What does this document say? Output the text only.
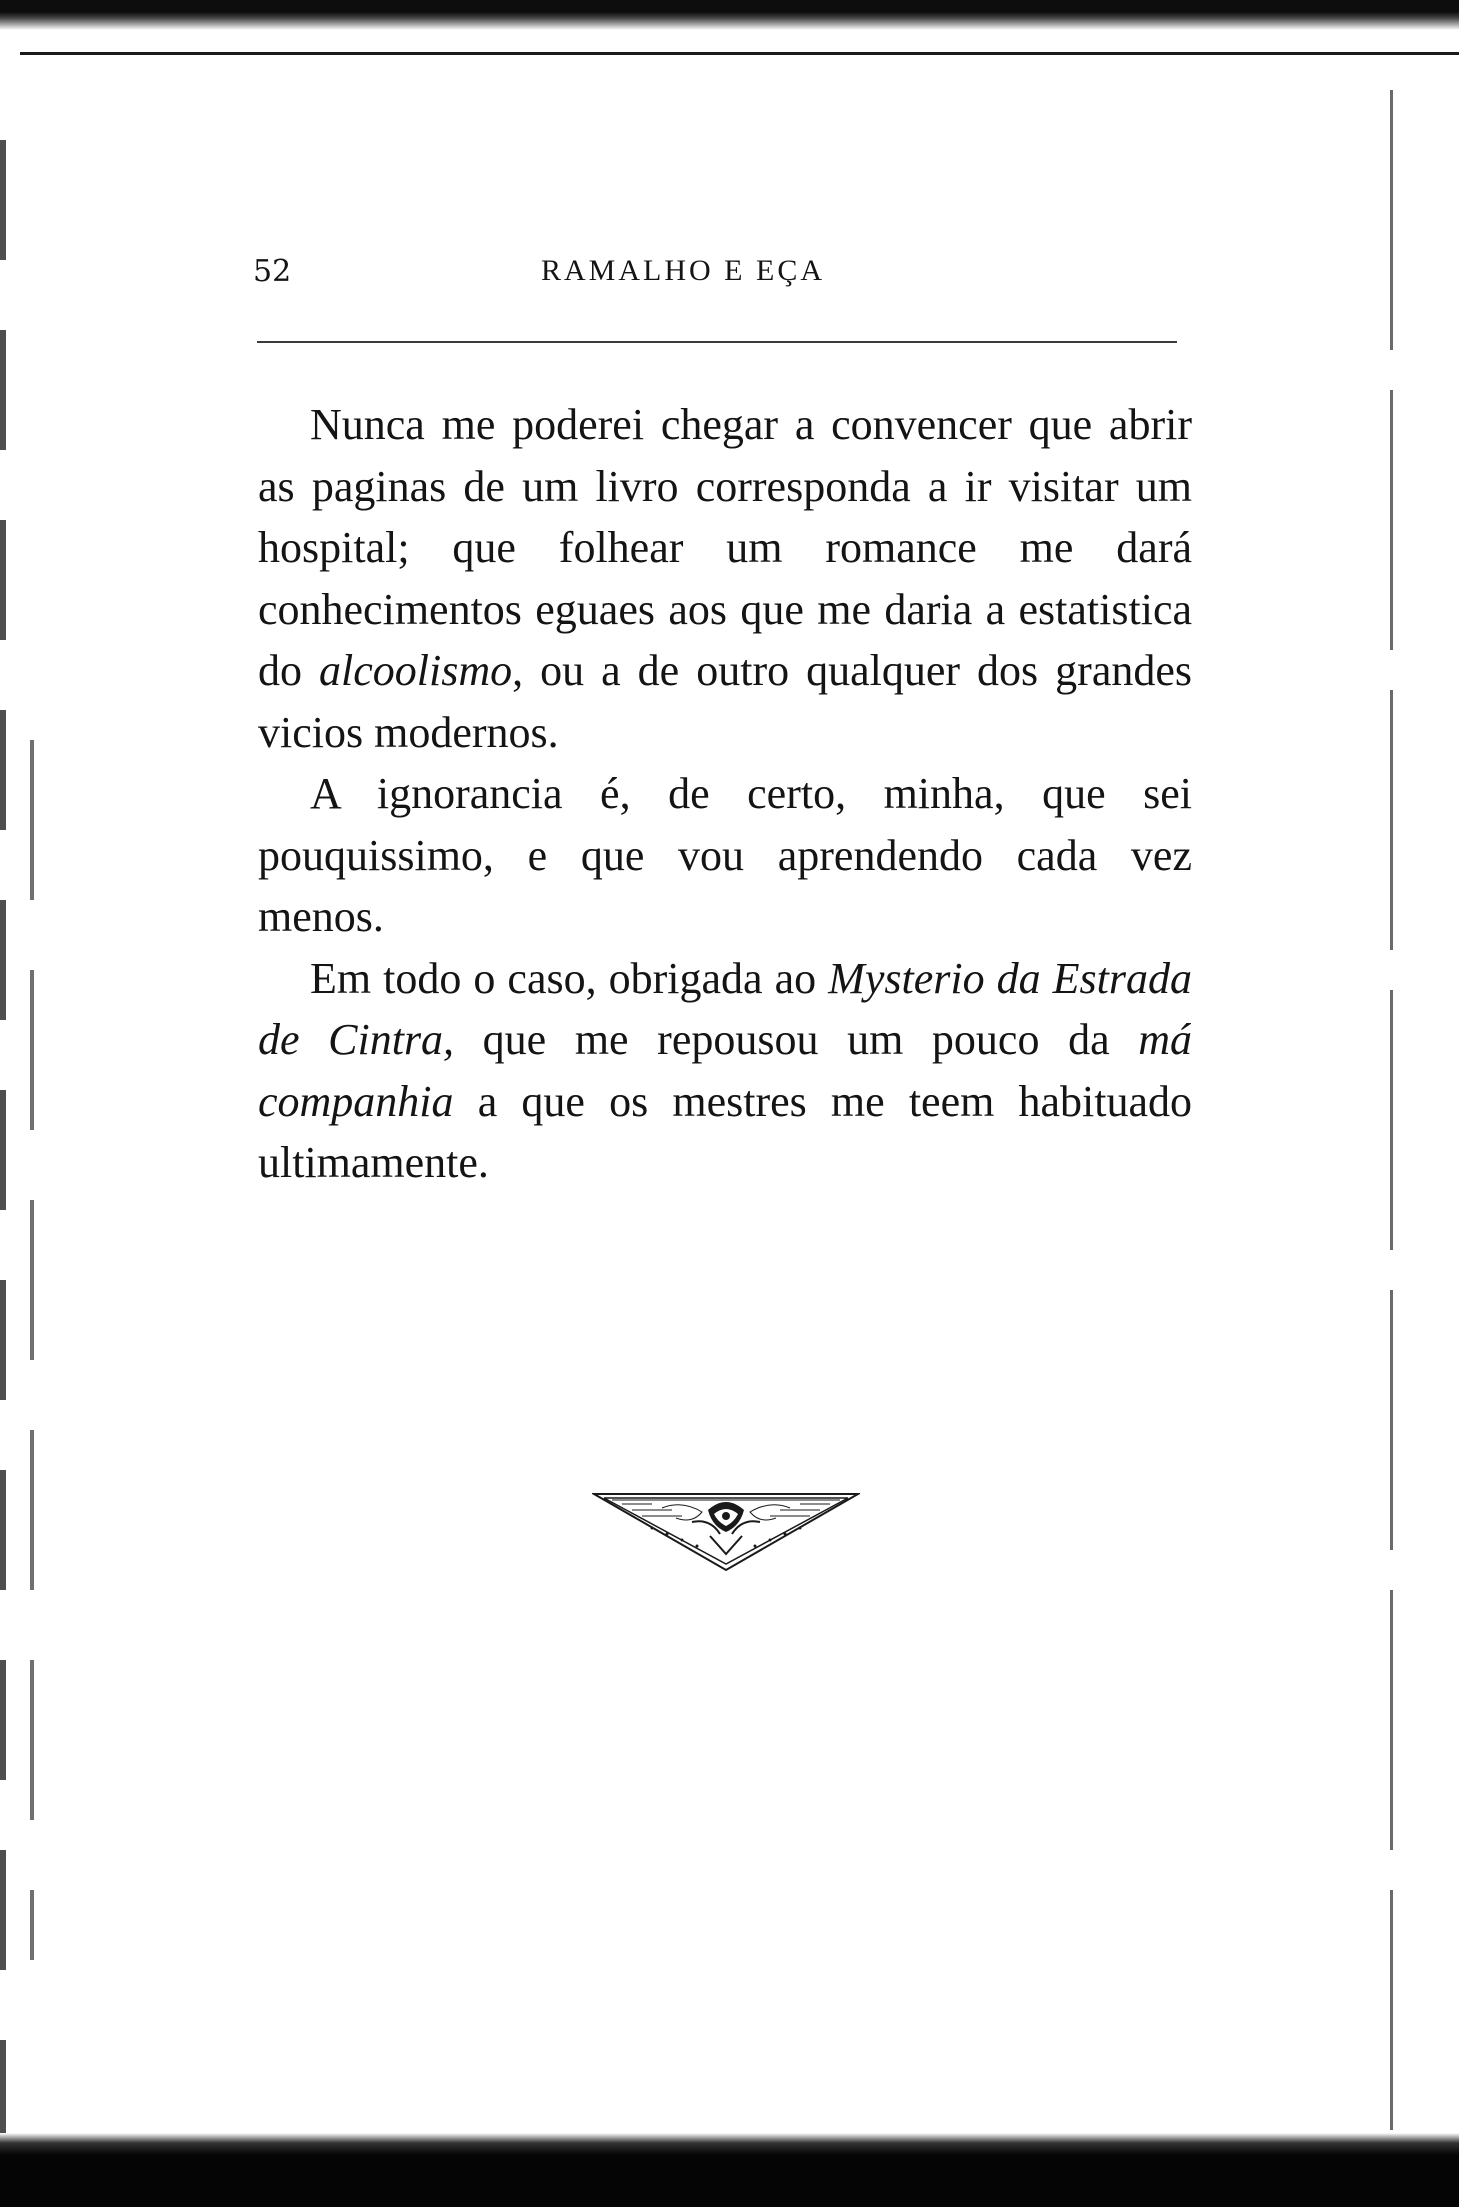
52	RAMALHO E EÇA

Nunca me poderei chegar a convencer que abrir as paginas de um livro corresponda a ir visitar um hospital; que folhear um romance me dará conhecimentos eguaes aos que me daria a estatistica do alcoolismo, ou a de outro qualquer dos grandes vicios modernos.

A ignorancia é, de certo, minha, que sei pouquissimo, e que vou aprendendo cada vez menos.

Em todo o caso, obrigada ao Mysterio da Estrada de Cintra, que me repousou um pouco da má companhia a que os mestres me teem habituado ultimamente.
